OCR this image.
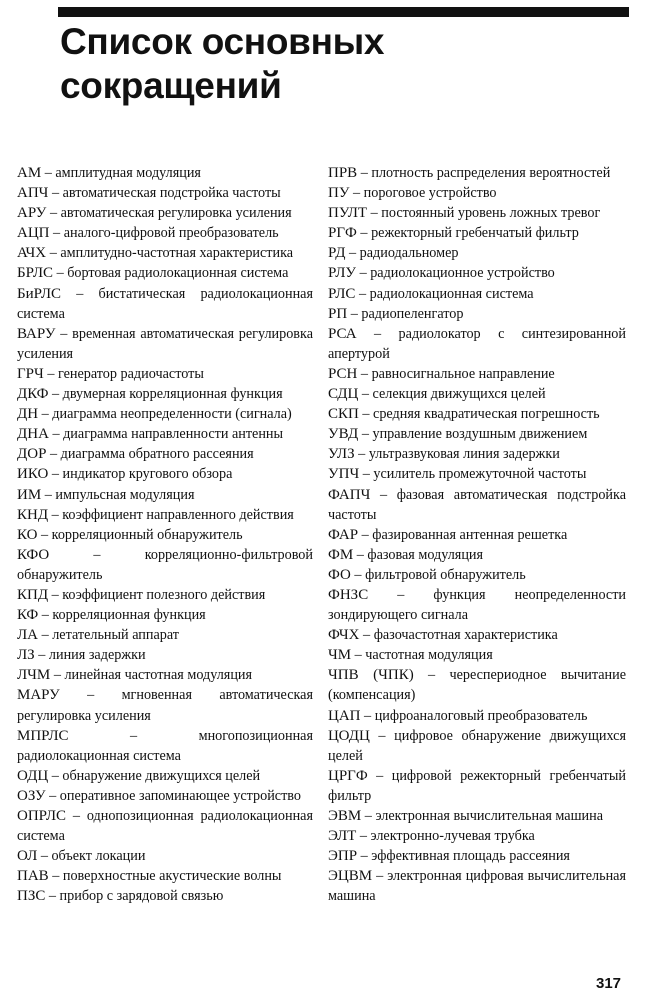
Список основных
сокращений
АМ – амплитудная модуляция
АПЧ – автоматическая подстройка частоты
АРУ – автоматическая регулировка усиления
АЦП – аналого-цифровой преобразователь
АЧХ – амплитудно-частотная характеристика
БРЛС – бортовая радиолокационная система
БиРЛС – бистатическая радиолокационная система
ВАРУ – временная автоматическая регулировка усиления
ГРЧ – генератор радиочастоты
ДКФ – двумерная корреляционная функция
ДН – диаграмма неопределенности (сигнала)
ДНА – диаграмма направленности антенны
ДОР – диаграмма обратного рассеяния
ИКО – индикатор кругового обзора
ИМ – импульсная модуляция
КНД – коэффициент направленного действия
КО – корреляционный обнаружитель
КФО – корреляционно-фильтровой обнаружитель
КПД – коэффициент полезного действия
КФ – корреляционная функция
ЛА – летательный аппарат
ЛЗ – линия задержки
ЛЧМ – линейная частотная модуляция
МАРУ – мгновенная автоматическая регулировка усиления
МПРЛС – многопозиционная радиолокационная система
ОДЦ – обнаружение движущихся целей
ОЗУ – оперативное запоминающее устройство
ОПРЛС – однопозиционная радиолокационная система
ОЛ – объект локации
ПАВ – поверхностные акустические волны
ПЗС – прибор с зарядовой связью
ПРВ – плотность распределения вероятностей
ПУ – пороговое устройство
ПУЛТ – постоянный уровень ложных тревог
РГФ – режекторный гребенчатый фильтр
РД – радиодальномер
РЛУ – радиолокационное устройство
РЛС – радиолокационная система
РП – радиопеленгатор
РСА – радиолокатор с синтезированной апертурой
РСН – равносигнальное направление
СДЦ – селекция движущихся целей
СКП – средняя квадратическая погрешность
УВД – управление воздушным движением
УЛЗ – ультразвуковая линия задержки
УПЧ – усилитель промежуточной частоты
ФАПЧ – фазовая автоматическая подстройка частоты
ФАР – фазированная антенная решетка
ФМ – фазовая модуляция
ФО – фильтровой обнаружитель
ФНЗС – функция неопределенности зондирующего сигнала
ФЧХ – фазочастотная характеристика
ЧМ – частотная модуляция
ЧПВ (ЧПК) – череспериодное вычитание (компенсация)
ЦАП – цифроаналоговый преобразователь
ЦОДЦ – цифровое обнаружение движущихся целей
ЦРГФ – цифровой режекторный гребенчатый фильтр
ЭВМ – электронная вычислительная машина
ЭЛТ – электронно-лучевая трубка
ЭПР – эффективная площадь рассеяния
ЭЦВМ – электронная цифровая вычислительная машина
317
